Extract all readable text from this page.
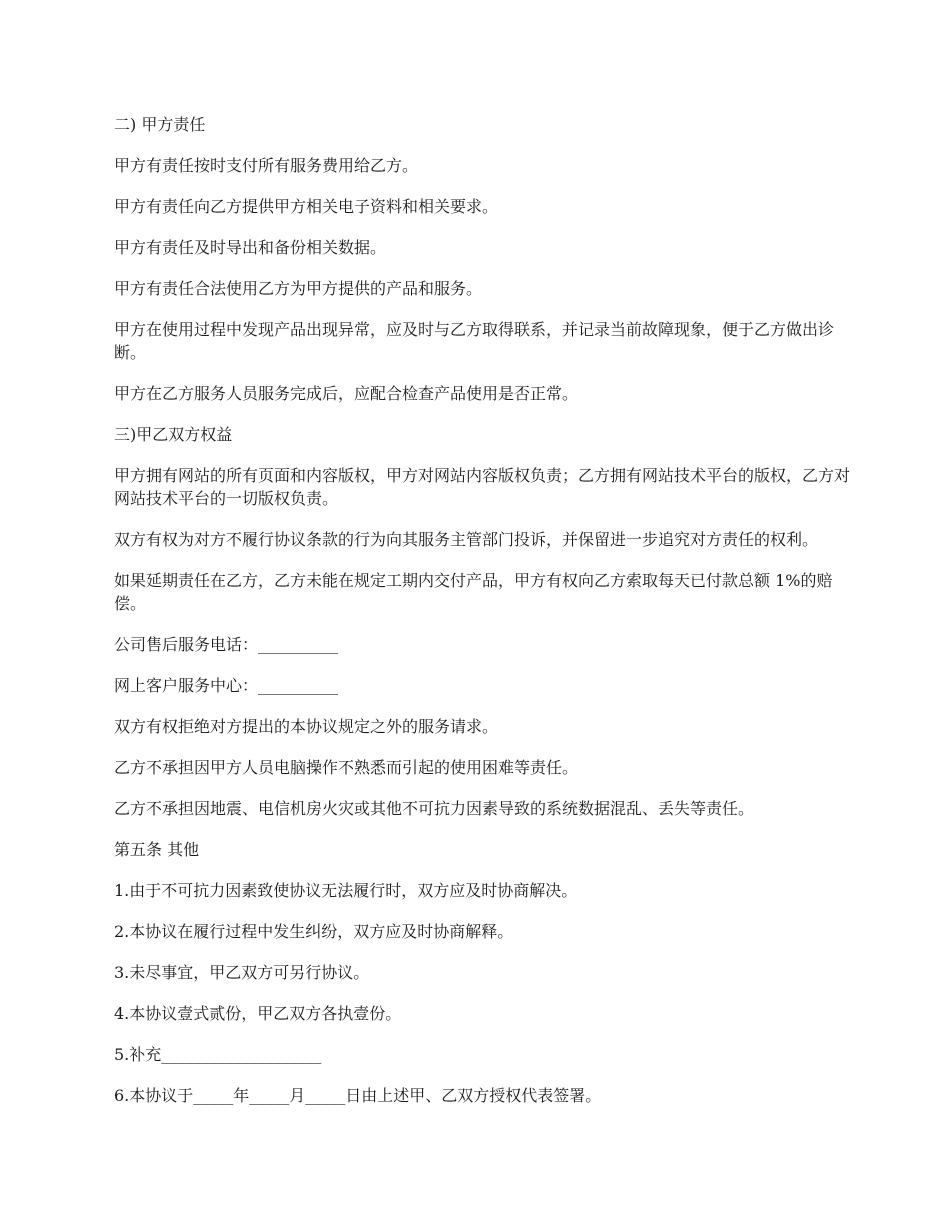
二) 甲方责任

甲方有责任按时支付所有服务费用给乙方。

甲方有责任向乙方提供甲方相关电子资料和相关要求。

甲方有责任及时导出和备份相关数据。

甲方有责任合法使用乙方为甲方提供的产品和服务。

甲方在使用过程中发现产品出现异常，应及时与乙方取得联系，并记录当前故障现象，便于乙方做出诊断。

甲方在乙方服务人员服务完成后，应配合检查产品使用是否正常。

三)甲乙双方权益

甲方拥有网站的所有页面和内容版权，甲方对网站内容版权负责；乙方拥有网站技术平台的版权，乙方对网站技术平台的一切版权负责。

双方有权为对方不履行协议条款的行为向其服务主管部门投诉，并保留进一步追究对方责任的权利。

如果延期责任在乙方，乙方未能在规定工期内交付产品，甲方有权向乙方索取每天已付款总额 1%的赔偿。

公司售后服务电话：__________

网上客户服务中心：__________

双方有权拒绝对方提出的本协议规定之外的服务请求。

乙方不承担因甲方人员电脑操作不熟悉而引起的使用困难等责任。

乙方不承担因地震、电信机房火灾或其他不可抗力因素导致的系统数据混乱、丢失等责任。

第五条 其他

1.由于不可抗力因素致使协议无法履行时，双方应及时协商解决。

2.本协议在履行过程中发生纠纷，双方应及时协商解释。

3.未尽事宜，甲乙双方可另行协议。

4.本协议壹式贰份，甲乙双方各执壹份。

5.补充____________________

6.本协议于_____年_____月_____日由上述甲、乙双方授权代表签署。
